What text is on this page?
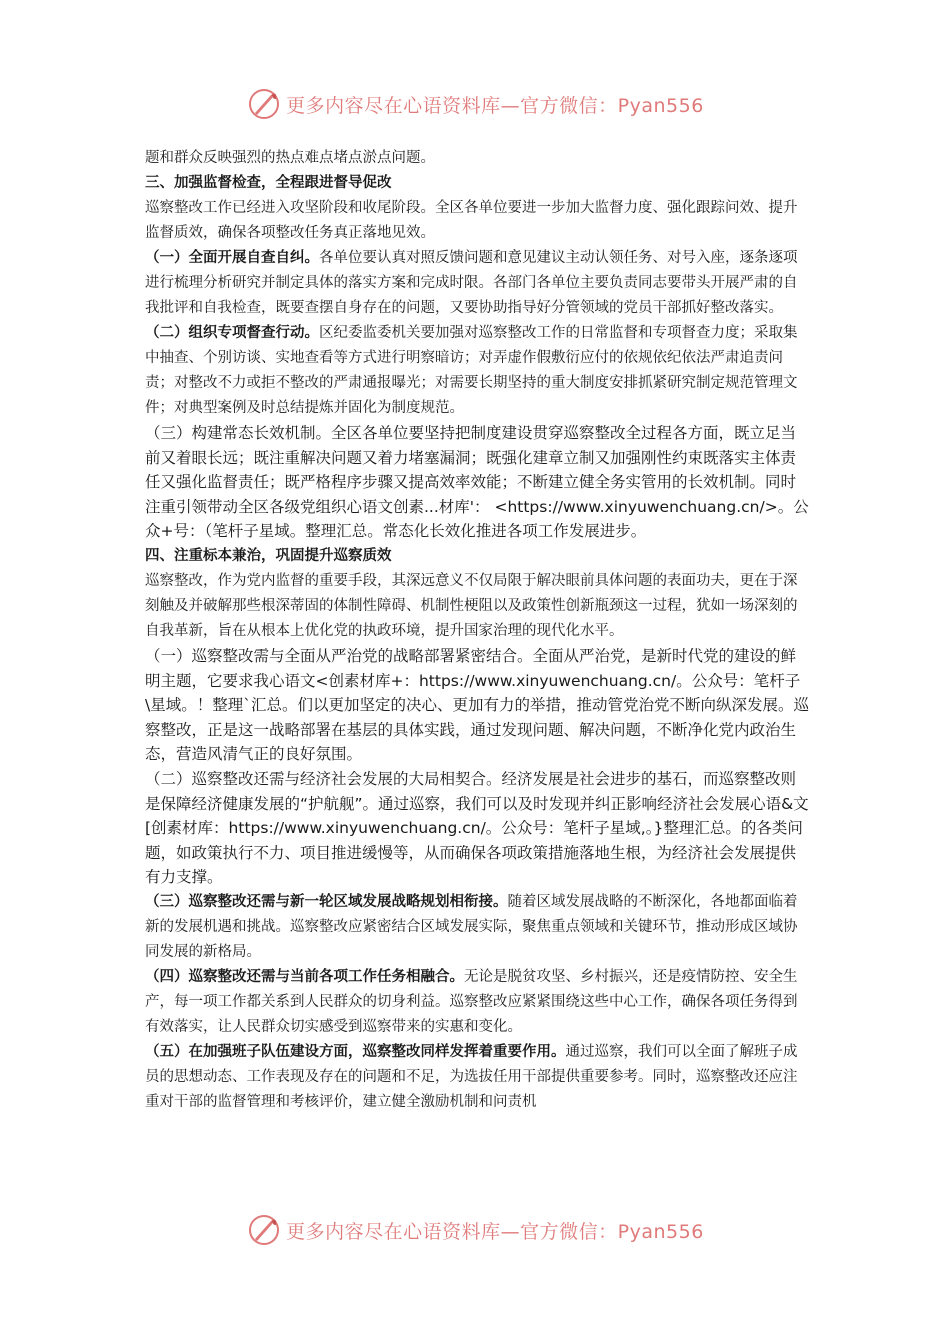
更多内容尽在心语资料库—官方微信：Pyan556

题和群众反映强烈的热点难点堵点淤点问题。

三、加强监督检查，全程跟进督导促改

巡察整改工作已经进入攻坚阶段和收尾阶段。全区各单位要进一步加大监督力度、强化跟踪问效、提升监督质效，确保各项整改任务真正落地见效。

（一）全面开展自查自纠。各单位要认真对照反馈问题和意见建议主动认领任务、对号入座，逐条逐项进行梳理分析研究并制定具体的落实方案和完成时限。各部门各单位主要负责同志要带头开展严肃的自我批评和自我检查，既要查摆自身存在的问题，又要协助指导好分管领域的党员干部抓好整改落实。

（二）组织专项督查行动。区纪委监委机关要加强对巡察整改工作的日常监督和专项督查力度；采取集中抽查、个别访谈、实地查看等方式进行明察暗访；对弄虚作假敷衍应付的依规依纪依法严肃追责问责；对整改不力或拒不整改的严肃通报曝光；对需要长期坚持的重大制度安排抓紧研究制定规范管理文件；对典型案例及时总结提炼并固化为制度规范。

（三）构建常态长效机制。全区各单位要坚持把制度建设贯穿巡察整改全过程各方面，既立足当前又着眼长远；既注重解决问题又着力堵塞漏洞；既强化建章立制又加强刚性约束既落实主体责任又强化监督责任；既严格程序步骤又提高效率效能；不断建立健全务实管用的长效机制。同时注重引领带动全区各级党组织心语文创素...材库'： <https://www.xinyuwenchuang.cn/>。公众+号：（笔杆子星域。整理汇总。常态化长效化推进各项工作发展进步。

四、注重标本兼治，巩固提升巡察质效

巡察整改，作为党内监督的重要手段，其深远意义不仅局限于解决眼前具体问题的表面功夫，更在于深刻触及并破解那些根深蒂固的体制性障碍、机制性梗阻以及政策性创新瓶颈这一过程，犹如一场深刻的自我革新，旨在从根本上优化党的执政环境，提升国家治理的现代化水平。

（一）巡察整改需与全面从严治党的战略部署紧密结合。全面从严治党，是新时代党的建设的鲜明主题，它要求我心语文<创素材库+：https://www.xinyuwenchuang.cn/。公众号：笔杆子\星域。！整理`汇总。们以更加坚定的决心、更加有力的举措，推动管党治党不断向纵深发展。巡察整改，正是这一战略部署在基层的具体实践，通过发现问题、解决问题，不断净化党内政治生态，营造风清气正的良好氛围。

（二）巡察整改还需与经济社会发展的大局相契合。经济发展是社会进步的基石，而巡察整改则是保障经济健康发展的“护航舰”。通过巡察，我们可以及时发现并纠正影响经济社会发展心语&文[创素材库：https://www.xinyuwenchuang.cn/。公众号：笔杆子星域,。}整理汇总。的各类问题，如政策执行不力、项目推进缓慢等，从而确保各项政策措施落地生根，为经济社会发展提供有力支撑。

（三）巡察整改还需与新一轮区域发展战略规划相衔接。随着区域发展战略的不断深化，各地都面临着新的发展机遇和挑战。巡察整改应紧密结合区域发展实际，聚焦重点领域和关键环节，推动形成区域协同发展的新格局。

（四）巡察整改还需与当前各项工作任务相融合。无论是脱贫攻坚、乡村振兴，还是疫情防控、安全生产，每一项工作都关系到人民群众的切身利益。巡察整改应紧紧围绕这些中心工作，确保各项任务得到有效落实，让人民群众切实感受到巡察带来的实惠和变化。

（五）在加强班子队伍建设方面，巡察整改同样发挥着重要作用。通过巡察，我们可以全面了解班子成员的思想动态、工作表现及存在的问题和不足，为选拔任用干部提供重要参考。同时，巡察整改还应注重对干部的监督管理和考核评价，建立健全激励机制和问责机

更多内容尽在心语资料库—官方微信：Pyan556
